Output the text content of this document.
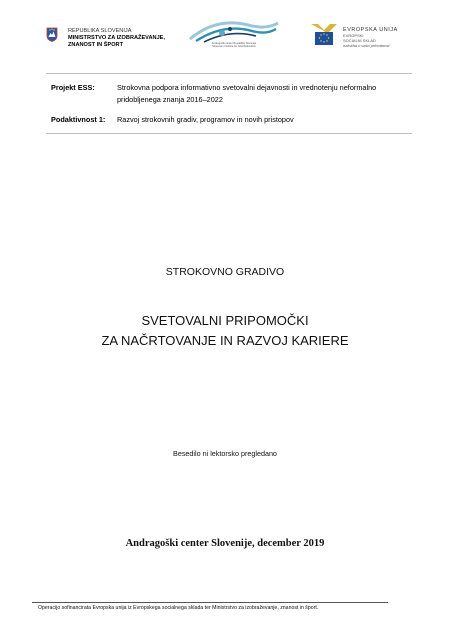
REPUBLIKA SLOVENIJA
MINISTRSTVO ZA IZOBRAŽEVANJE,
ZNANOST IN ŠPORT	Andragoški center Republike Slovenije
Slovenian Institute for Adult Education
EVROPSKA UNIJA
EVROPSKI
SOCIALNI SKLAD
naložba v vašo prihodnost
Projekt ESS:	Strokovna podpora informativno svetovalni dejavnosti in vrednotenju neformalno
pridobljenega znanja 2016–2022
Podaktivnost 1: Razvoj strokovnih gradiv, programov in novih pristopov
STROKOVNO GRADIVO
SVETOVALNI PRIPOMOČKI
ZA NAČRTOVANJE IN RAZVOJ KARIERE
Besedilo ni lektorsko pregledano
Andragoški center Slovenije, december 2019
Operacijo sofinancirata Evropska unija iz Evropskega socialnega sklada ter Ministrstvo za izobraževanje, znanost in šport.
